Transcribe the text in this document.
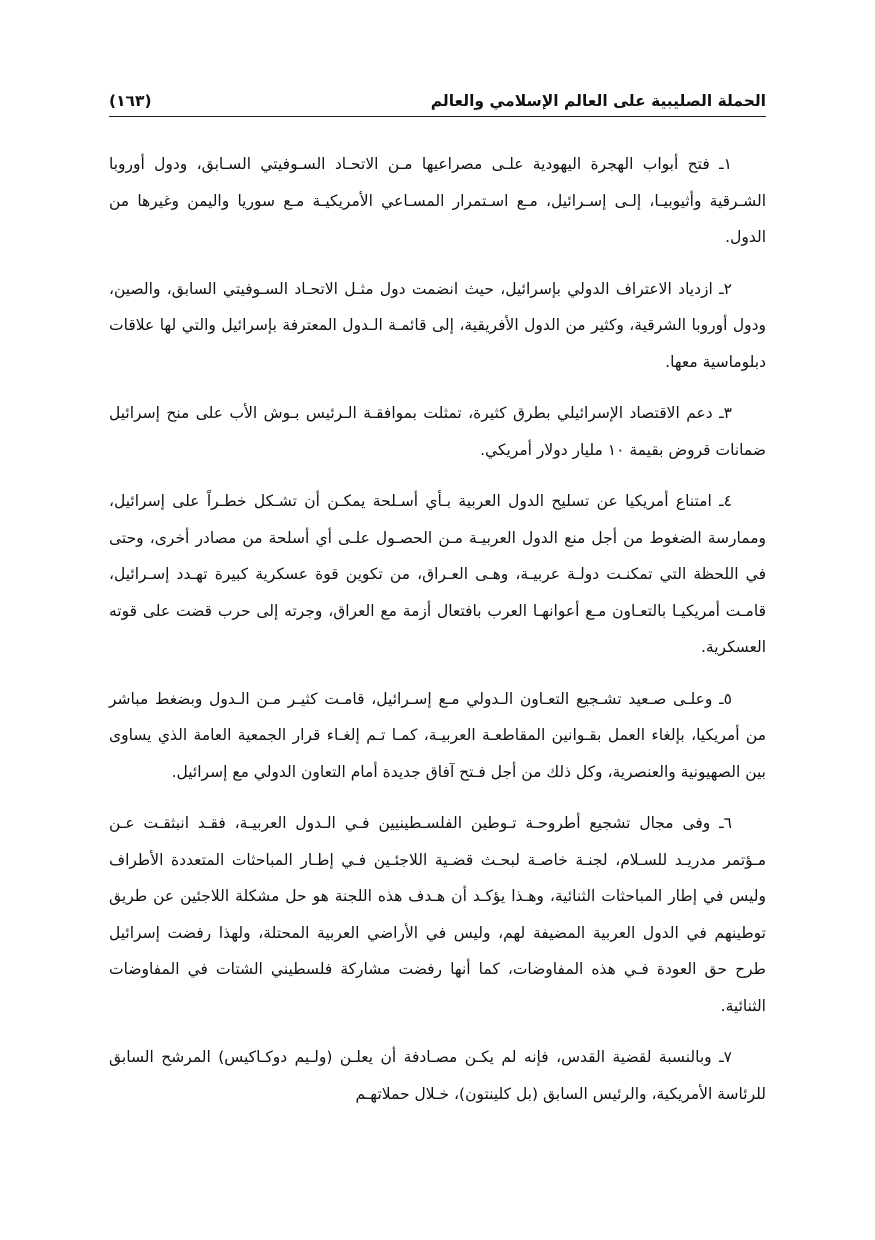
الحملة الصليبية على العالم الإسلامي والعالم
(١٦٣)

١ـ فتح أبواب الهجرة اليهودية علـى مصراعيها مـن الاتحـاد السـوفيتي السـابق، ودول أوروبا الشـرقية وأثيوبيـا، إلـى إسـرائيل، مـع اسـتمرار المسـاعي الأمريكيـة مـع سوريا واليمن وغيرها من الدول.

٢ـ ازدياد الاعتراف الدولي بإسرائيل، حيث انضمت دول مثـل الاتحـاد السـوفيتي السابق، والصين، ودول أوروبا الشرقية، وكثير من الدول الأفريقية، إلى قائمـة الـدول المعترفة بإسرائيل والتي لها علاقات دبلوماسية معها.

٣ـ دعم الاقتصاد الإسرائيلي بطرق كثيرة، تمثلت بموافقـة الـرئيس بـوش الأب على منح إسرائيل ضمانات قروض بقيمة ١٠ مليار دولار أمريكي.

٤ـ امتناع أمريكيا عن تسليح الدول العربية بـأي أسـلحة يمكـن أن تشـكل خطـراً على إسرائيل، وممارسة الضغوط من أجل منع الدول العربيـة مـن الحصـول علـى أي أسلحة من مصادر أخرى، وحتى في اللحظة التي تمكنـت دولـة عربيـة، وهـى العـراق، من تكوين قوة عسكرية كبيرة تهـدد إسـرائيل، قامـت أمريكيـا بالتعـاون مـع أعوانهـا العرب بافتعال أزمة مع العراق، وجرته إلى حرب قضت على قوته العسكرية.

٥ـ وعلـى صـعيد تشـجيع التعـاون الـدولي مـع إسـرائيل، قامـت كثيـر مـن الـدول وبضغط مباشر من أمريكيا، بإلغاء العمل بقـوانين المقاطعـة العربيـة، كمـا تـم إلغـاء قرار الجمعية العامة الذي يساوى بين الصهيونية والعنصرية، وكل ذلك من أجل فـتح آفاق جديدة أمام التعاون الدولي مع إسرائيل.

٦ـ وفى مجال تشجيع أطروحـة تـوطين الفلسـطينيين فـي الـدول العربيـة، فقـد انبثقـت عـن مـؤتمر مدريـد للسـلام، لجنـة خاصـة لبحـث قضـية اللاجئـين فـي إطـار المباحثات المتعددة الأطراف وليس في إطار المباحثات الثنائية، وهـذا يؤكـد أن هـدف هذه اللجنة هو حل مشكلة اللاجئين عن طريق توطينهم في الدول العربية المضيفة لهم، وليس في الأراضي العربية المحتلة، ولهذا رفضت إسرائيل طرح حق العودة فـي هذه المفاوضات، كما أنها رفضت مشاركة فلسطيني الشتات في المفاوضات الثنائية.

٧ـ وبالنسبة لقضية القدس، فإنه لم يكـن مصـادفة أن يعلـن (ولـيم دوكـاكيس) المرشح السابق للرئاسة الأمريكية، والرئيس السابق (بل كلينتون)، خـلال حملاتهـم
